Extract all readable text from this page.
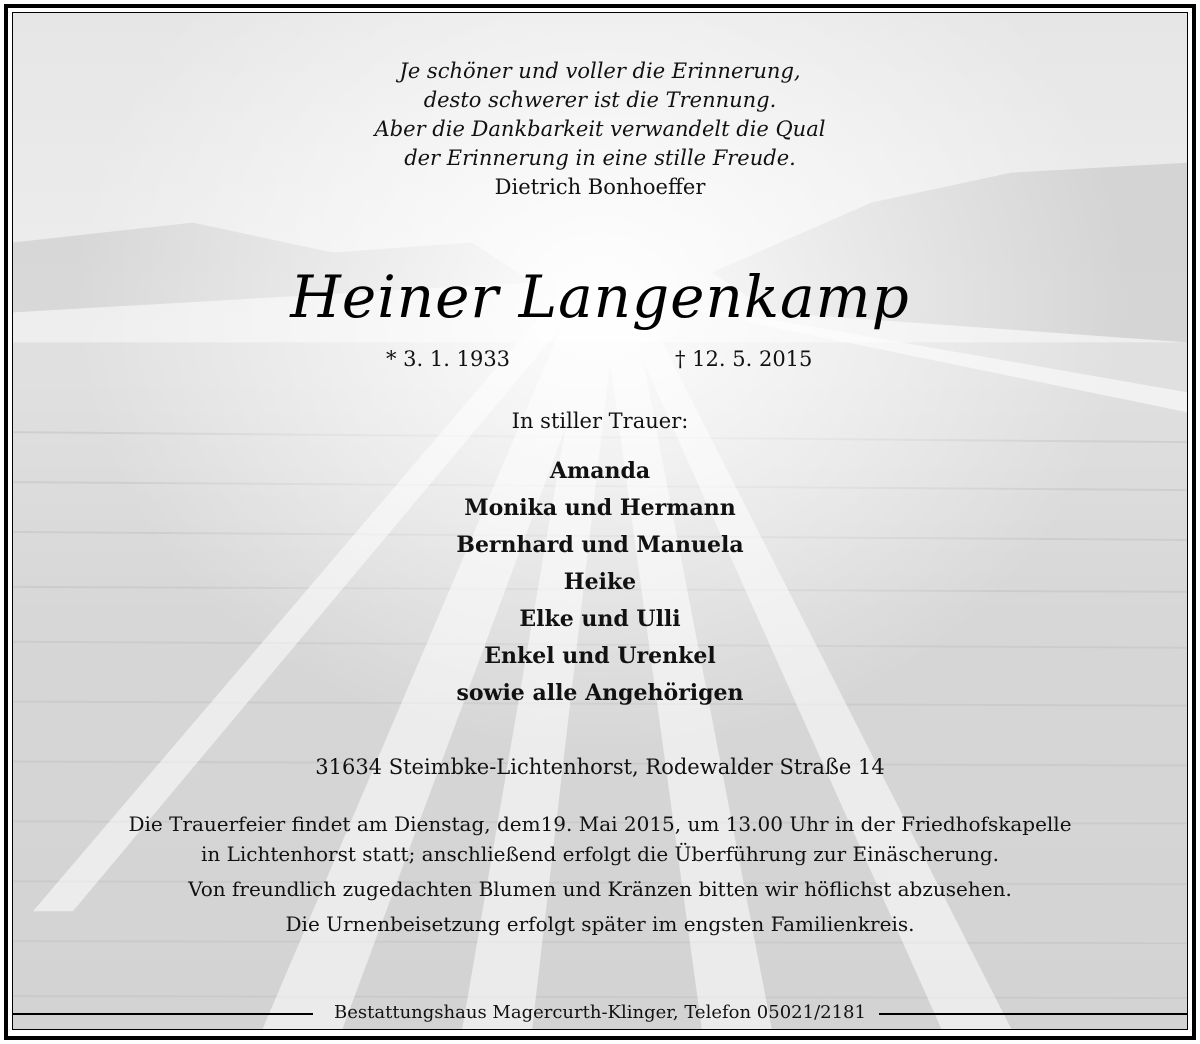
Je schöner und voller die Erinnerung,
desto schwerer ist die Trennung.
Aber die Dankbarkeit verwandelt die Qual
der Erinnerung in eine stille Freude.
Dietrich Bonhoeffer
Heiner Langenkamp
* 3. 1. 1933	† 12. 5. 2015
In stiller Trauer:
Amanda
Monika und Hermann
Bernhard und Manuela
Heike
Elke und Ulli
Enkel und Urenkel
sowie alle Angehörigen
31634 Steimbke-Lichtenhorst, Rodewalder Straße 14

Die Trauerfeier findet am Dienstag, dem19. Mai 2015, um 13.00 Uhr in der Friedhofskapelle

in Lichtenhorst statt; anschließend erfolgt die Überführung zur Einäscherung.

Von freundlich zugedachten Blumen und Kränzen bitten wir höflichst abzusehen.

Die Urnenbeisetzung erfolgt später im engsten Familienkreis.

Bestattungshaus Magercurth-Klinger, Telefon 05021/2181
